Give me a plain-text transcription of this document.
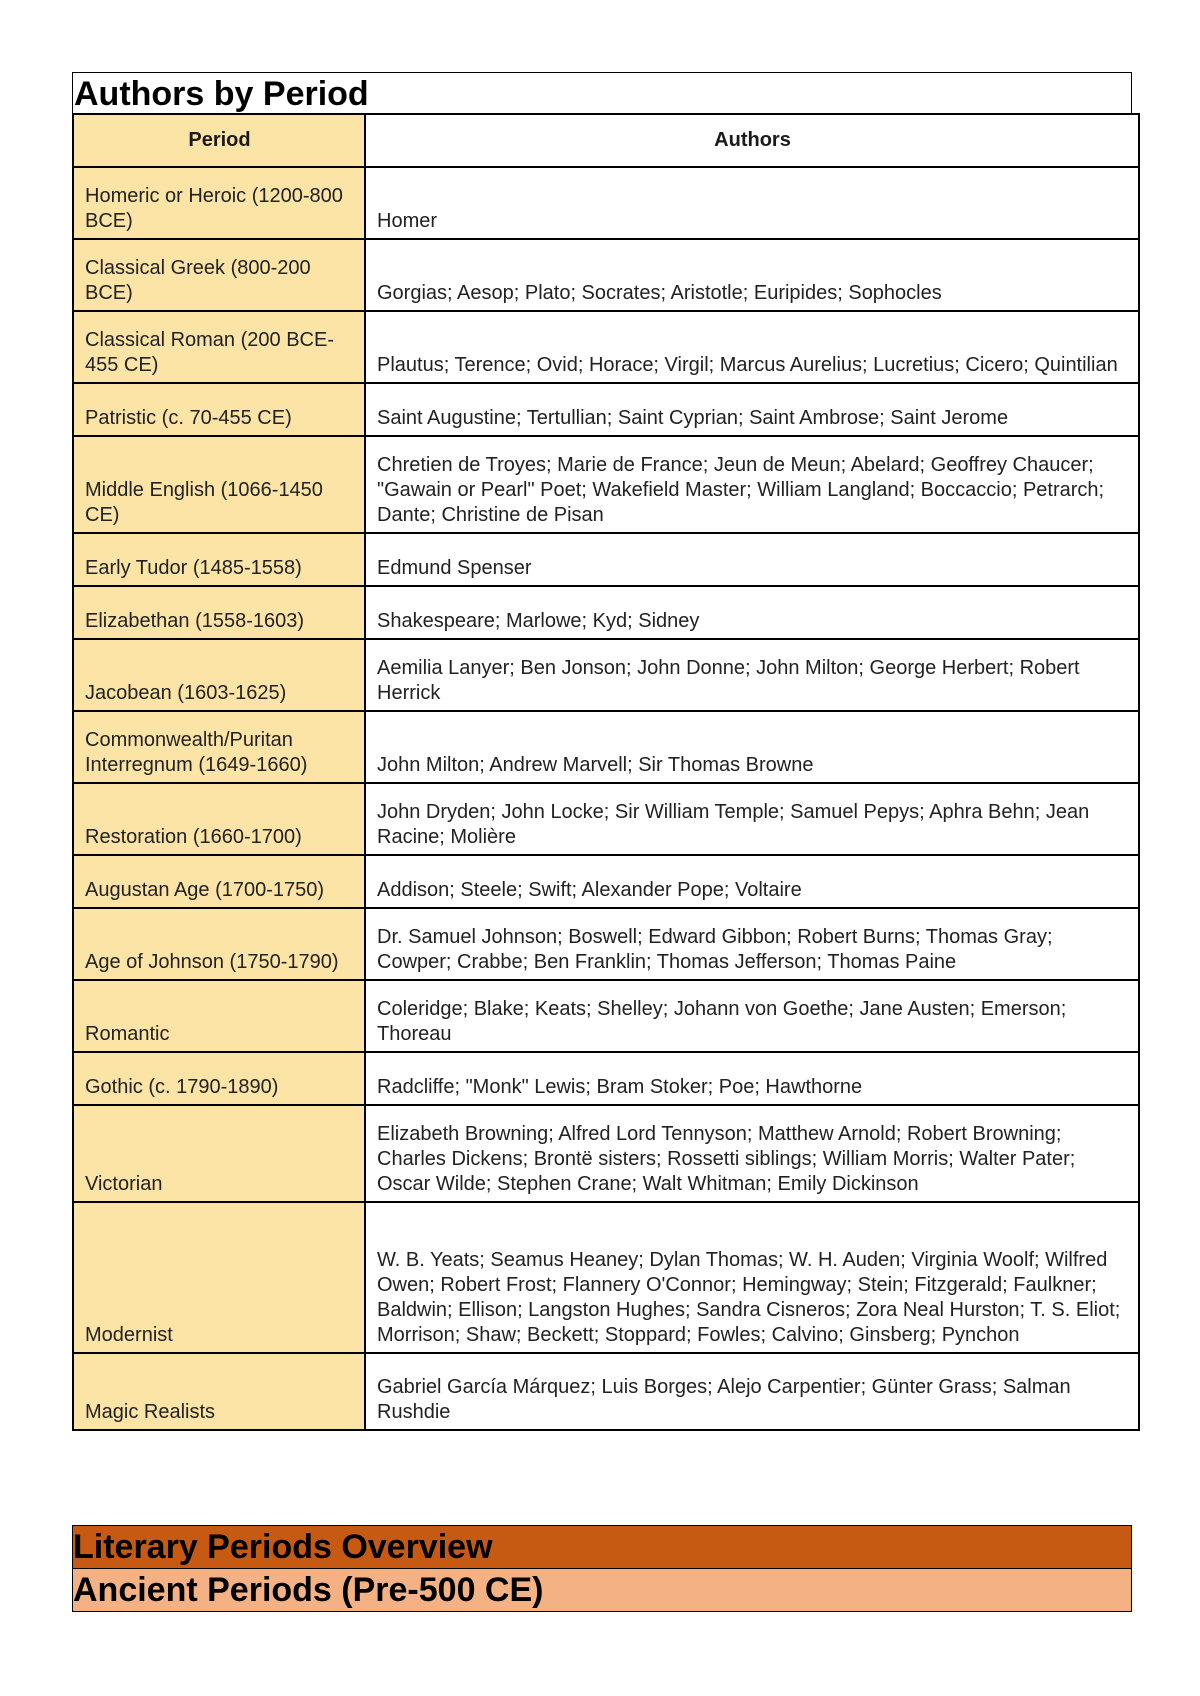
Authors by Period
Period	Authors
Homeric or Heroic (1200-800 BCE)	Homer
Classical Greek (800-200 BCE)	Gorgias; Aesop; Plato; Socrates; Aristotle; Euripides; Sophocles
Classical Roman (200 BCE-455 CE)	Plautus; Terence; Ovid; Horace; Virgil; Marcus Aurelius; Lucretius; Cicero; Quintilian
Patristic (c. 70-455 CE)	Saint Augustine; Tertullian; Saint Cyprian; Saint Ambrose; Saint Jerome
Middle English (1066-1450 CE)	Chretien de Troyes; Marie de France; Jeun de Meun; Abelard; Geoffrey Chaucer; "Gawain or Pearl" Poet; Wakefield Master; William Langland; Boccaccio; Petrarch; Dante; Christine de Pisan
Early Tudor (1485-1558)	Edmund Spenser
Elizabethan (1558-1603)	Shakespeare; Marlowe; Kyd; Sidney
Jacobean (1603-1625)	Aemilia Lanyer; Ben Jonson; John Donne; John Milton; George Herbert; Robert Herrick
Commonwealth/Puritan Interregnum (1649-1660)	John Milton; Andrew Marvell; Sir Thomas Browne
Restoration (1660-1700)	John Dryden; John Locke; Sir William Temple; Samuel Pepys; Aphra Behn; Jean Racine; Molière
Augustan Age (1700-1750)	Addison; Steele; Swift; Alexander Pope; Voltaire
Age of Johnson (1750-1790)	Dr. Samuel Johnson; Boswell; Edward Gibbon; Robert Burns; Thomas Gray; Cowper; Crabbe; Ben Franklin; Thomas Jefferson; Thomas Paine
Romantic	Coleridge; Blake; Keats; Shelley; Johann von Goethe; Jane Austen; Emerson; Thoreau
Gothic (c. 1790-1890)	Radcliffe; "Monk" Lewis; Bram Stoker; Poe; Hawthorne
Victorian	Elizabeth Browning; Alfred Lord Tennyson; Matthew Arnold; Robert Browning; Charles Dickens; Brontë sisters; Rossetti siblings; William Morris; Walter Pater; Oscar Wilde; Stephen Crane; Walt Whitman; Emily Dickinson
Modernist	W. B. Yeats; Seamus Heaney; Dylan Thomas; W. H. Auden; Virginia Woolf; Wilfred Owen; Robert Frost; Flannery O'Connor; Hemingway; Stein; Fitzgerald; Faulkner; Baldwin; Ellison; Langston Hughes; Sandra Cisneros; Zora Neal Hurston; T. S. Eliot; Morrison; Shaw; Beckett; Stoppard; Fowles; Calvino; Ginsberg; Pynchon
Magic Realists	Gabriel García Márquez; Luis Borges; Alejo Carpentier; Günter Grass; Salman Rushdie
Literary Periods Overview
Ancient Periods (Pre-500 CE)
